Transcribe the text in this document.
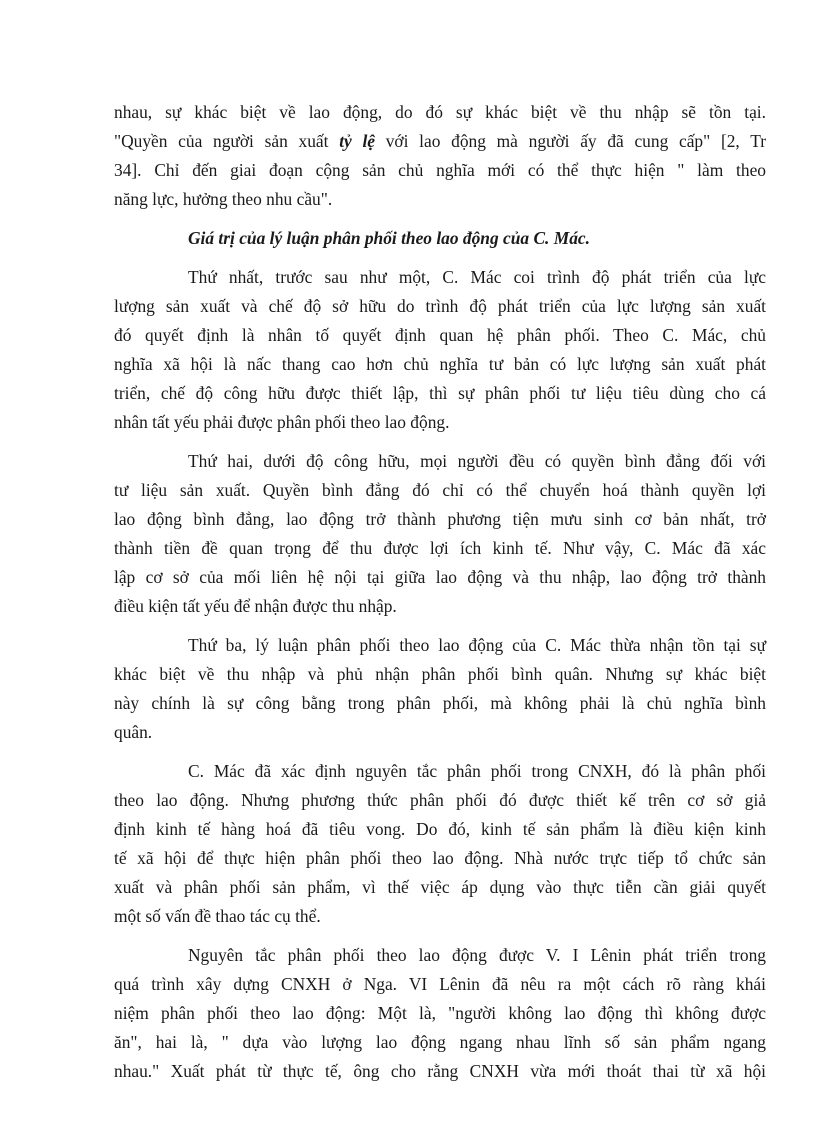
nhau, sự khác biệt về lao động, do đó sự khác biệt về thu nhập sẽ tồn tại.
"Quyền của người sản xuất tỷ lệ với lao động mà người ấy đã cung cấp" [2, Tr
34]. Chỉ đến giai đoạn cộng sản chủ nghĩa mới có thể thực hiện " làm theo
năng lực, hưởng theo nhu cầu".
Giá trị của lý luận phân phối theo lao động của C. Mác.
Thứ nhất, trước sau như một, C. Mác coi trình độ phát triển của lực
lượng sản xuất và chế độ sở hữu do trình độ phát triển của lực lượng sản xuất
đó quyết định là nhân tố quyết định quan hệ phân phối. Theo C. Mác, chủ
nghĩa xã hội là nấc thang cao hơn chủ nghĩa tư bản có lực lượng sản xuất phát
triển, chế độ công hữu được thiết lập, thì sự phân phối tư liệu tiêu dùng cho cá
nhân tất yếu phải được phân phối theo lao động.
Thứ hai, dưới độ công hữu, mọi người đều có quyền bình đẳng đối với
tư liệu sản xuất. Quyền bình đẳng đó chỉ có thể chuyển hoá thành quyền lợi
lao động bình đẳng, lao động trở thành phương tiện mưu sinh cơ bản nhất, trở
thành tiền đề quan trọng để thu được lợi ích kinh tế. Như vậy, C. Mác đã xác
lập cơ sở của mối liên hệ nội tại giữa lao động và thu nhập, lao động trở thành
điều kiện tất yếu để nhận được thu nhập.
Thứ ba, lý luận phân phối theo lao động của C. Mác thừa nhận tồn tại sự
khác biệt về thu nhập và phủ nhận phân phối bình quân. Nhưng sự khác biệt
này chính là sự công bằng trong phân phối, mà không phải là chủ nghĩa bình
quân.
C. Mác đã xác định nguyên tắc phân phối trong CNXH, đó là phân phối
theo lao động. Nhưng phương thức phân phối đó được thiết kế trên cơ sở giả
định kinh tế hàng hoá đã tiêu vong. Do đó, kinh tế sản phẩm là điều kiện kinh
tế xã hội để thực hiện phân phối theo lao động. Nhà nước trực tiếp tổ chức sản
xuất và phân phối sản phẩm, vì thế việc áp dụng vào thực tiễn cần giải quyết
một số vấn đề thao tác cụ thể.
Nguyên tắc phân phối theo lao động được V. I Lênin phát triển trong
quá trình xây dựng CNXH ở Nga. VI Lênin đã nêu ra một cách rõ ràng khái
niệm phân phối theo lao động: Một là, "người không lao động thì không được
ăn", hai là, " dựa vào lượng lao động ngang nhau lĩnh số sản phẩm ngang
nhau." Xuất phát từ thực tế, ông cho rằng CNXH vừa mới thoát thai từ xã hội
